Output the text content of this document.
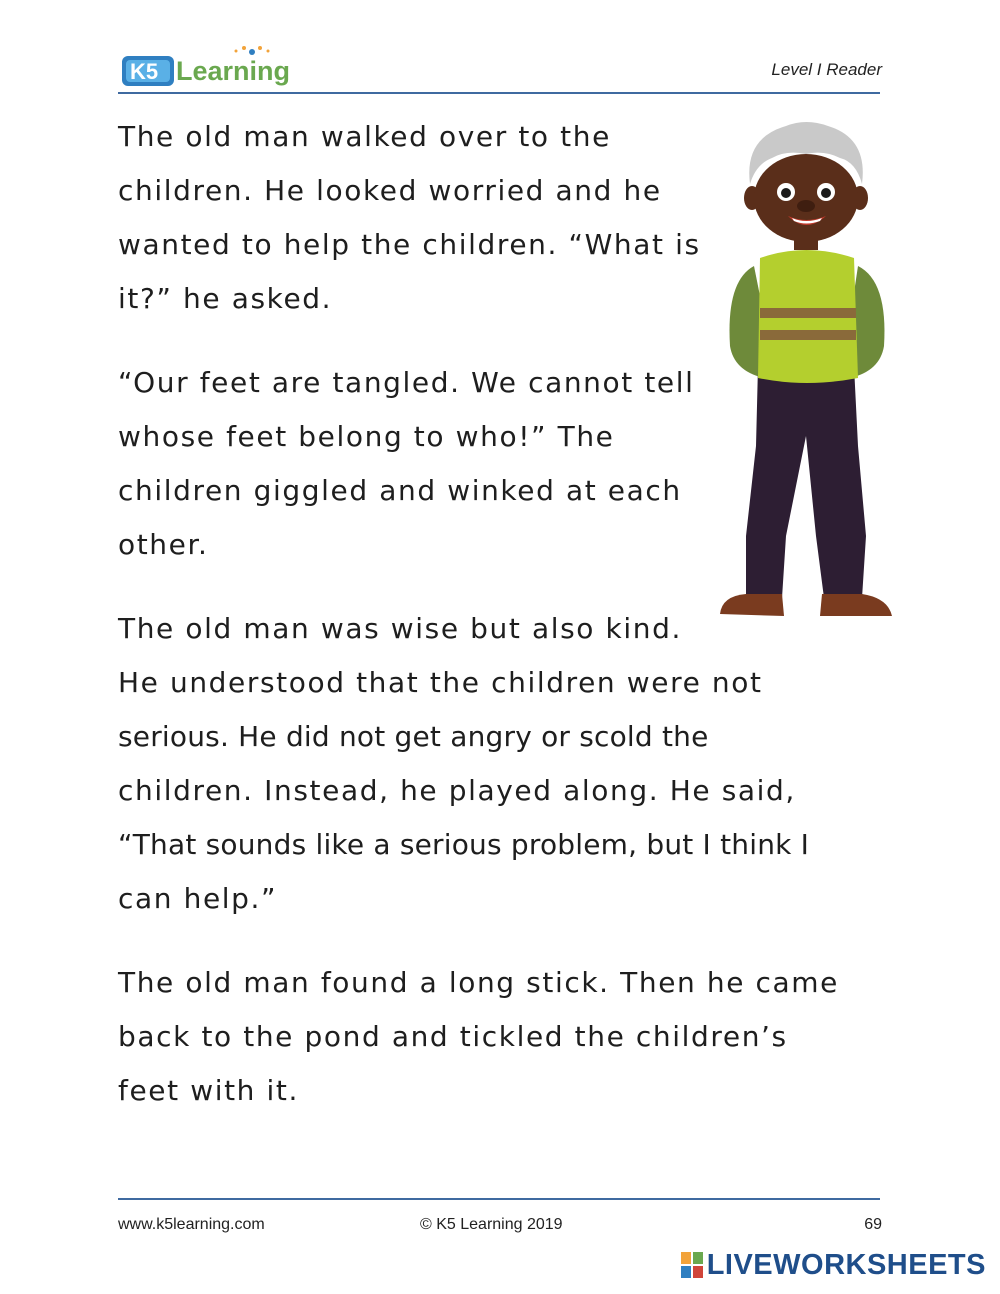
K5 Learning	Level I Reader
The old man walked over to the
children. He looked worried and he
wanted to help the children. “What is
it?” he asked.
“Our feet are tangled. We cannot tell
whose feet belong to who!” The
children giggled and winked at each
other.
The old man was wise but also kind.
He understood that the children were not
serious. He did not get angry or scold the
children. Instead, he played along. He said,
“That sounds like a serious problem, but I think I
can help.”
The old man found a long stick. Then he came
back to the pond and tickled the children’s
feet with it.
www.k5learning.com	© K5 Learning 2019	69
LIVEWORKSHEETS
